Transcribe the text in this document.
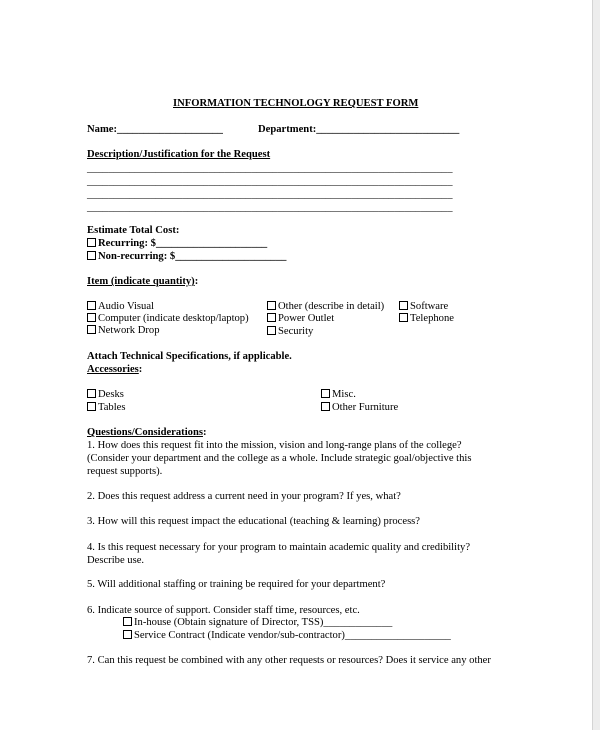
INFORMATION TECHNOLOGY REQUEST FORM
Name:____________________	Department:___________________________
Description/Justification for the Request
_____________________________________________________________________
_____________________________________________________________________
_____________________________________________________________________
_____________________________________________________________________
Estimate Total Cost:
Recurring: $_____________________
Non-recurring: $_____________________
Item (indicate quantity):
Audio Visual
Computer (indicate desktop/laptop)
Network Drop
Other (describe in detail)
Power Outlet
Security
Software
Telephone
Attach Technical Specifications, if applicable.
Accessories:
Desks
Tables
Misc.
Other Furniture
Questions/Considerations:
1. How does this request fit into the mission, vision and long-range plans of the college?
(Consider your department and the college as a whole. Include strategic goal/objective this
request supports).
2. Does this request address a current need in your program? If yes, what?
3. How will this request impact the educational (teaching & learning) process?
4. Is this request necessary for your program to maintain academic quality and credibility?
Describe use.
5. Will additional staffing or training be required for your department?
6. Indicate source of support. Consider staff time, resources, etc.
In-house (Obtain signature of Director, TSS)_____________
Service Contract (Indicate vendor/sub-contractor)____________________
7. Can this request be combined with any other requests or resources? Does it service any other
